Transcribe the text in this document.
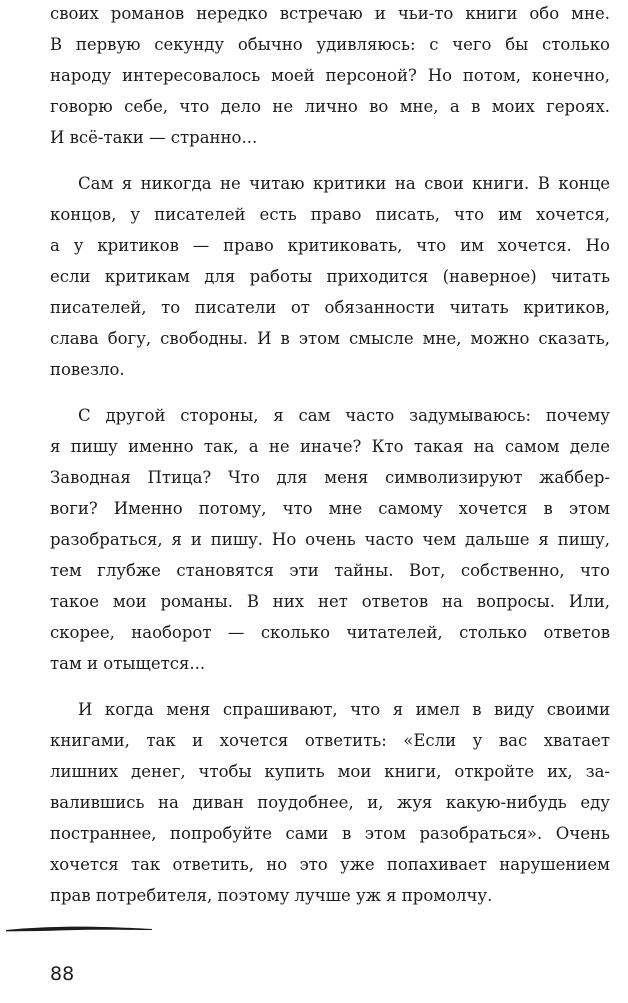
своих романов нередко встречаю и чьи-то книги обо мне.
В первую секунду обычно удивляюсь: с чего бы столько
народу интересовалось моей персоной? Но потом, конечно,
говорю себе, что дело не лично во мне, а в моих героях.
И всё-таки — странно...

Сам я никогда не читаю критики на свои книги. В конце
концов, у писателей есть право писать, что им хочется,
а у критиков — право критиковать, что им хочется. Но
если критикам для работы приходится (наверное) читать
писателей, то писатели от обязанности читать критиков,
слава богу, свободны. И в этом смысле мне, можно сказать,
повезло.

С другой стороны, я сам часто задумываюсь: почему
я пишу именно так, а не иначе? Кто такая на самом деле
Заводная Птица? Что для меня символизируют жаббер-
воги? Именно потому, что мне самому хочется в этом
разобраться, я и пишу. Но очень часто чем дальше я пишу,
тем глубже становятся эти тайны. Вот, собственно, что
такое мои романы. В них нет ответов на вопросы. Или,
скорее, наоборот — сколько читателей, столько ответов
там и отыщется...

И когда меня спрашивают, что я имел в виду своими
книгами, так и хочется ответить: «Если у вас хватает
лишних денег, чтобы купить мои книги, откройте их, за-
валившись на диван поудобнее, и, жуя какую-нибудь еду
постраннее, попробуйте сами в этом разобраться». Очень
хочется так ответить, но это уже попахивает нарушением
прав потребителя, поэтому лучше уж я промолчу.

88
